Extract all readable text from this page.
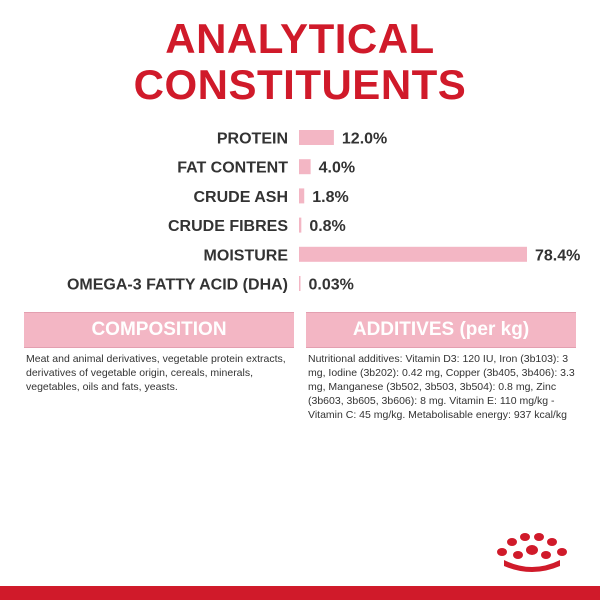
ANALYTICAL
CONSTITUENTS
PROTEIN	12.0%
FAT CONTENT 4.0%
CRUDE ASH 1.8%
CRUDE FIBRES 0.8%
MOISTURE	78.4%
OMEGA-3 FATTY ACID (DHA) 0.03%
COMPOSITION
Meat and animal derivatives, vegetable protein extracts, derivatives of vegetable origin, cereals, minerals, vegetables, oils and fats, yeasts.
ADDITIVES (per kg)
Nutritional additives: Vitamin D3: 120 IU, Iron (3b103): 3 mg, Iodine (3b202): 0.42 mg, Copper (3b405, 3b406): 3.3 mg, Manganese (3b502, 3b503, 3b504): 0.8 mg, Zinc (3b603, 3b605, 3b606): 8 mg. Vitamin E: 110 mg/kg - Vitamin C: 45 mg/kg. Metabolisable energy: 937 kcal/kg
